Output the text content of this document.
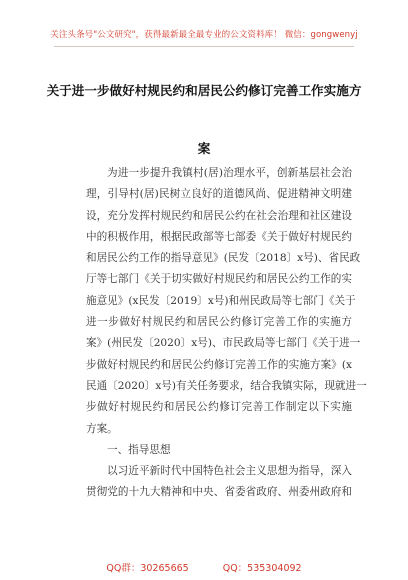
关注头条号"公文研究"，获得最新最全最专业的公文资料库！ 微信：gongwenyj
关于进一步做好村规民约和居民公约修订完善工作实施方
案
为进一步提升我镇村(居)治理水平，创新基层社会治
理，引导村(居)民树立良好的道德风尚、促进精神文明建
设，充分发挥村规民约和居民公约在社会治理和社区建设
中的积极作用，根据民政部等七部委《关于做好村规民约
和居民公约工作的指导意见》(民发〔2018〕x号)、省民政
厅等七部门《关于切实做好村规民约和居民公约工作的实
施意见》(x民发〔2019〕x号)和州民政局等七部门《关于
进一步做好村规民约和居民公约修订完善工作的实施方
案》(州民发〔2020〕x号)、市民政局等七部门《关于进一
步做好村规民约和居民公约修订完善工作的实施方案》(x
民通〔2020〕x号)有关任务要求，结合我镇实际，现就进一
步做好村规民约和居民公约修订完善工作制定以下实施
方案。
一、指导思想
以习近平新时代中国特色社会主义思想为指导，深入
贯彻党的十九大精神和中央、省委省政府、州委州政府和
QQ群：30265665	QQ：535304092
